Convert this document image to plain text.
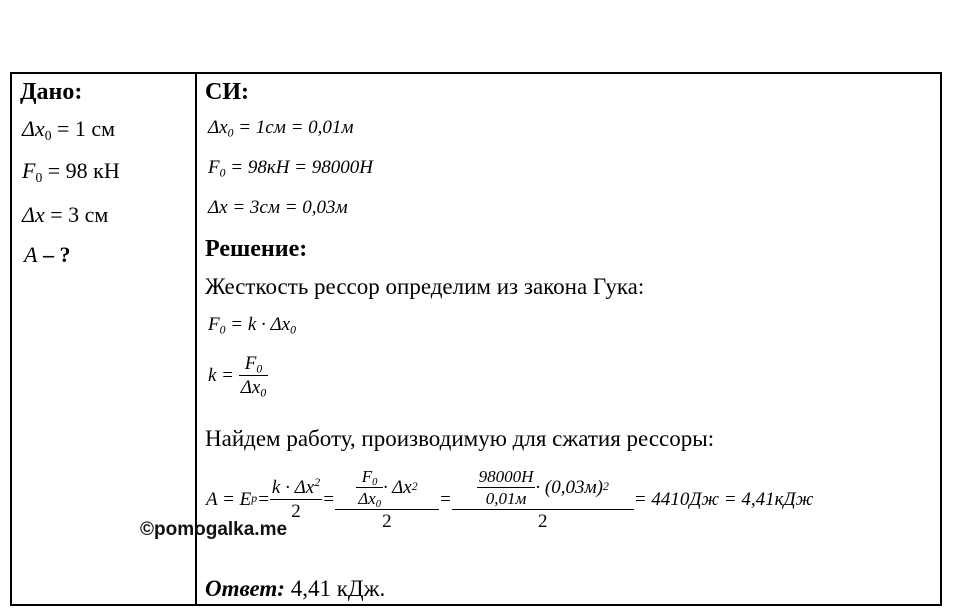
Дано:
$\Delta x_0 = 1$ см
$F_0 = 98$ кН
Δx = 3 см
A – ?
СИ:
$\Delta x_0 = 1см = 0,01м$
$F_0 = 98кН = 98000Н$
Δx = 3см = 0,03м
Решение:
Жесткость рессор определим из закона Гука:
$F_0 = k \cdot \Delta x_0$
$k = \frac{F_0}{\Delta x_0}$
Найдем работу, производимую для сжатия рессоры:
A = E $p = \frac{k \cdot \Delta x^2}{2} = \frac{\frac{F_0}{\Delta x_0} \cdot \Delta x 2}{2} = \frac{\frac{98000Н}{0,01м} \cdot (0,03м) 2}{2} = 4410Дж = 4,41кДж$
©pomogalka.me
Ответ: 4,41 кДж.
